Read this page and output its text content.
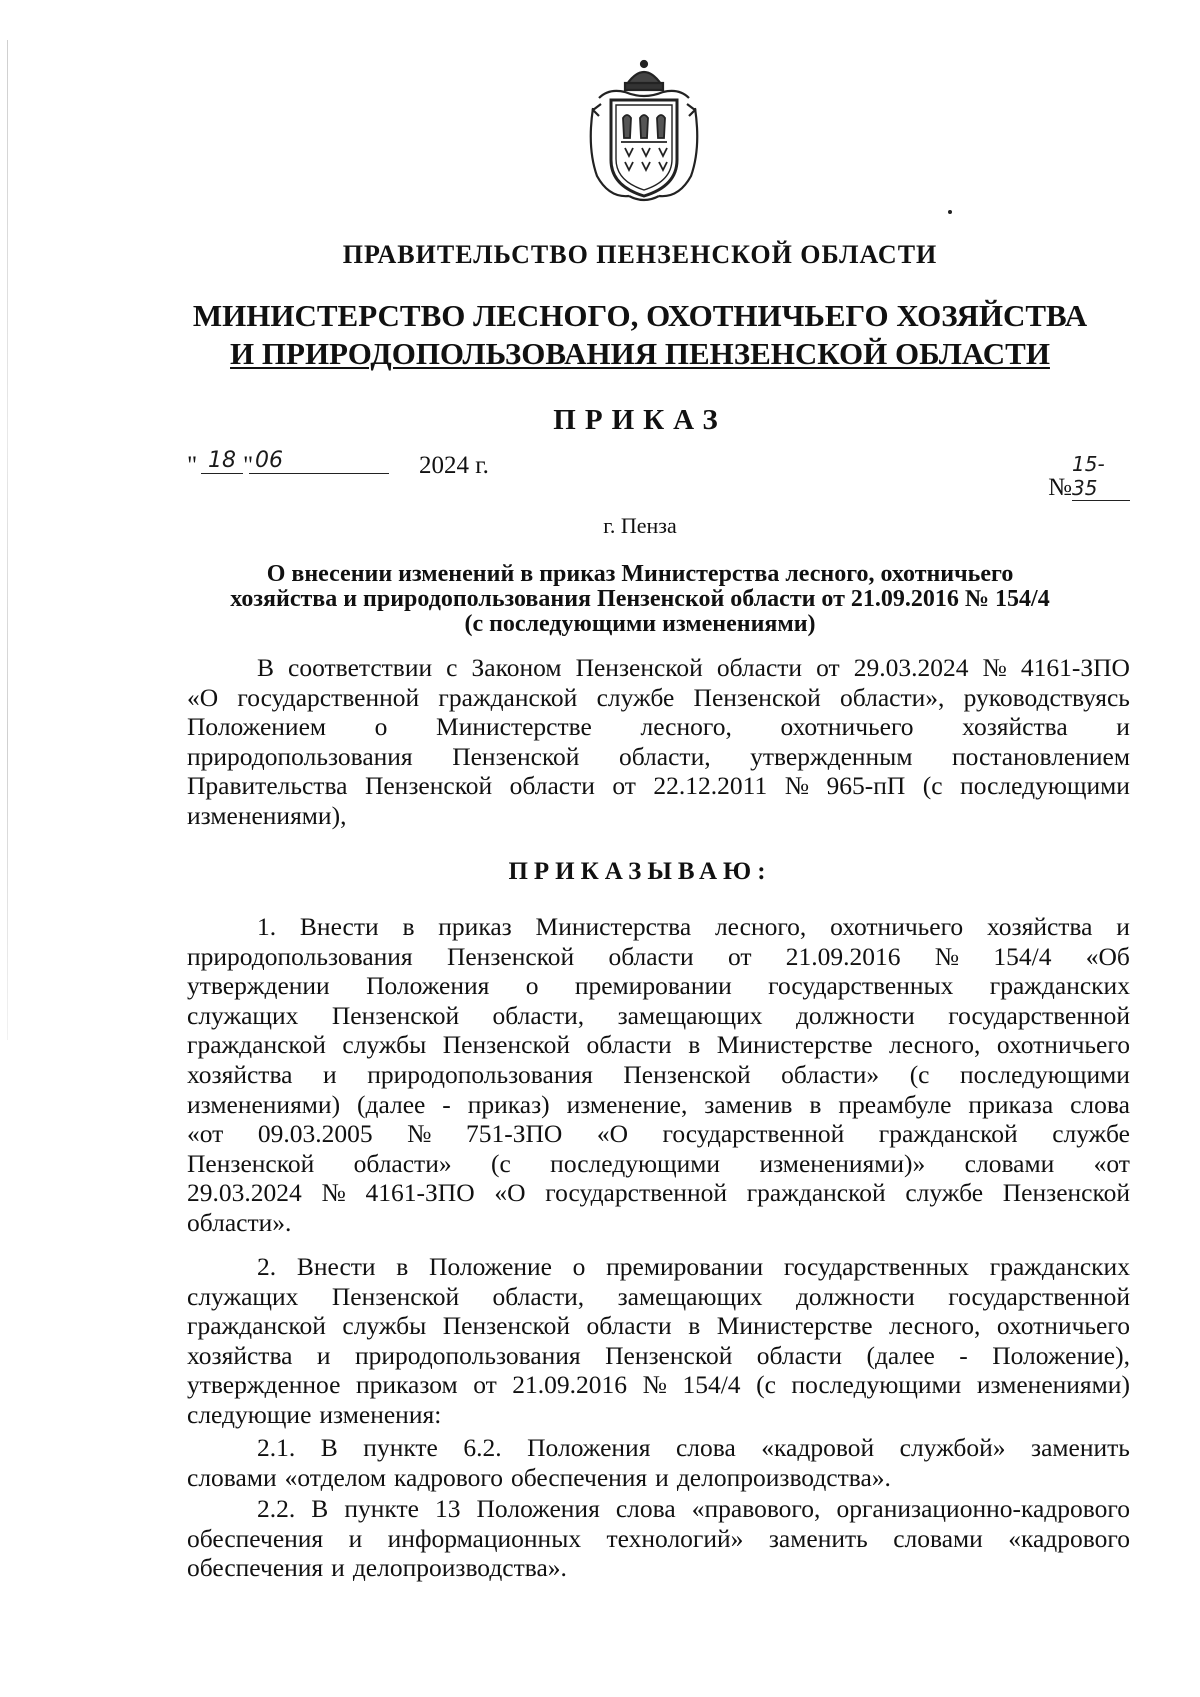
ПРАВИТЕЛЬСТВО ПЕНЗЕНСКОЙ ОБЛАСТИ
МИНИСТЕРСТВО ЛЕСНОГО, ОХОТНИЧЬЕГО ХОЗЯЙСТВА
И ПРИРОДОПОЛЬЗОВАНИЯ ПЕНЗЕНСКОЙ ОБЛАСТИ
ПРИКАЗ
" 18 " 06	2024 г.
№15-35
г. Пенза
О внесении изменений в приказ Министерства лесного, охотничьего
хозяйства и природопользования Пензенской области от 21.09.2016 № 154/4
(с последующими изменениями)
В соответствии с Законом Пензенской области от 29.03.2024 № 4161-ЗПО
«О государственной гражданской службе Пензенской области», руководствуясь
Положением о Министерстве лесного, охотничьего хозяйства и
природопользования Пензенской области, утвержденным постановлением
Правительства Пензенской области от 22.12.2011 № 965-пП (с последующими
изменениями),
ПРИКАЗЫВАЮ:
1. Внести в приказ Министерства лесного, охотничьего хозяйства и
природопользования Пензенской области от 21.09.2016 № 154/4 «Об
утверждении Положения о премировании государственных гражданских
служащих Пензенской области, замещающих должности государственной
гражданской службы Пензенской области в Министерстве лесного, охотничьего
хозяйства и природопользования Пензенской области» (с последующими
изменениями) (далее - приказ) изменение, заменив в преамбуле приказа слова
«от 09.03.2005 № 751-ЗПО «О государственной гражданской службе
Пензенской области» (с последующими изменениями)» словами «от
29.03.2024 № 4161-ЗПО «О государственной гражданской службе Пензенской
области».
2. Внести в Положение о премировании государственных гражданских
служащих Пензенской области, замещающих должности государственной
гражданской службы Пензенской области в Министерстве лесного, охотничьего
хозяйства и природопользования Пензенской области (далее - Положение),
утвержденное приказом от 21.09.2016 № 154/4 (с последующими изменениями)
следующие изменения:
2.1. В пункте 6.2. Положения слова «кадровой службой» заменить
словами «отделом кадрового обеспечения и делопроизводства».
2.2. В пункте 13 Положения слова «правового, организационно-кадрового
обеспечения и информационных технологий» заменить словами «кадрового
обеспечения и делопроизводства».
